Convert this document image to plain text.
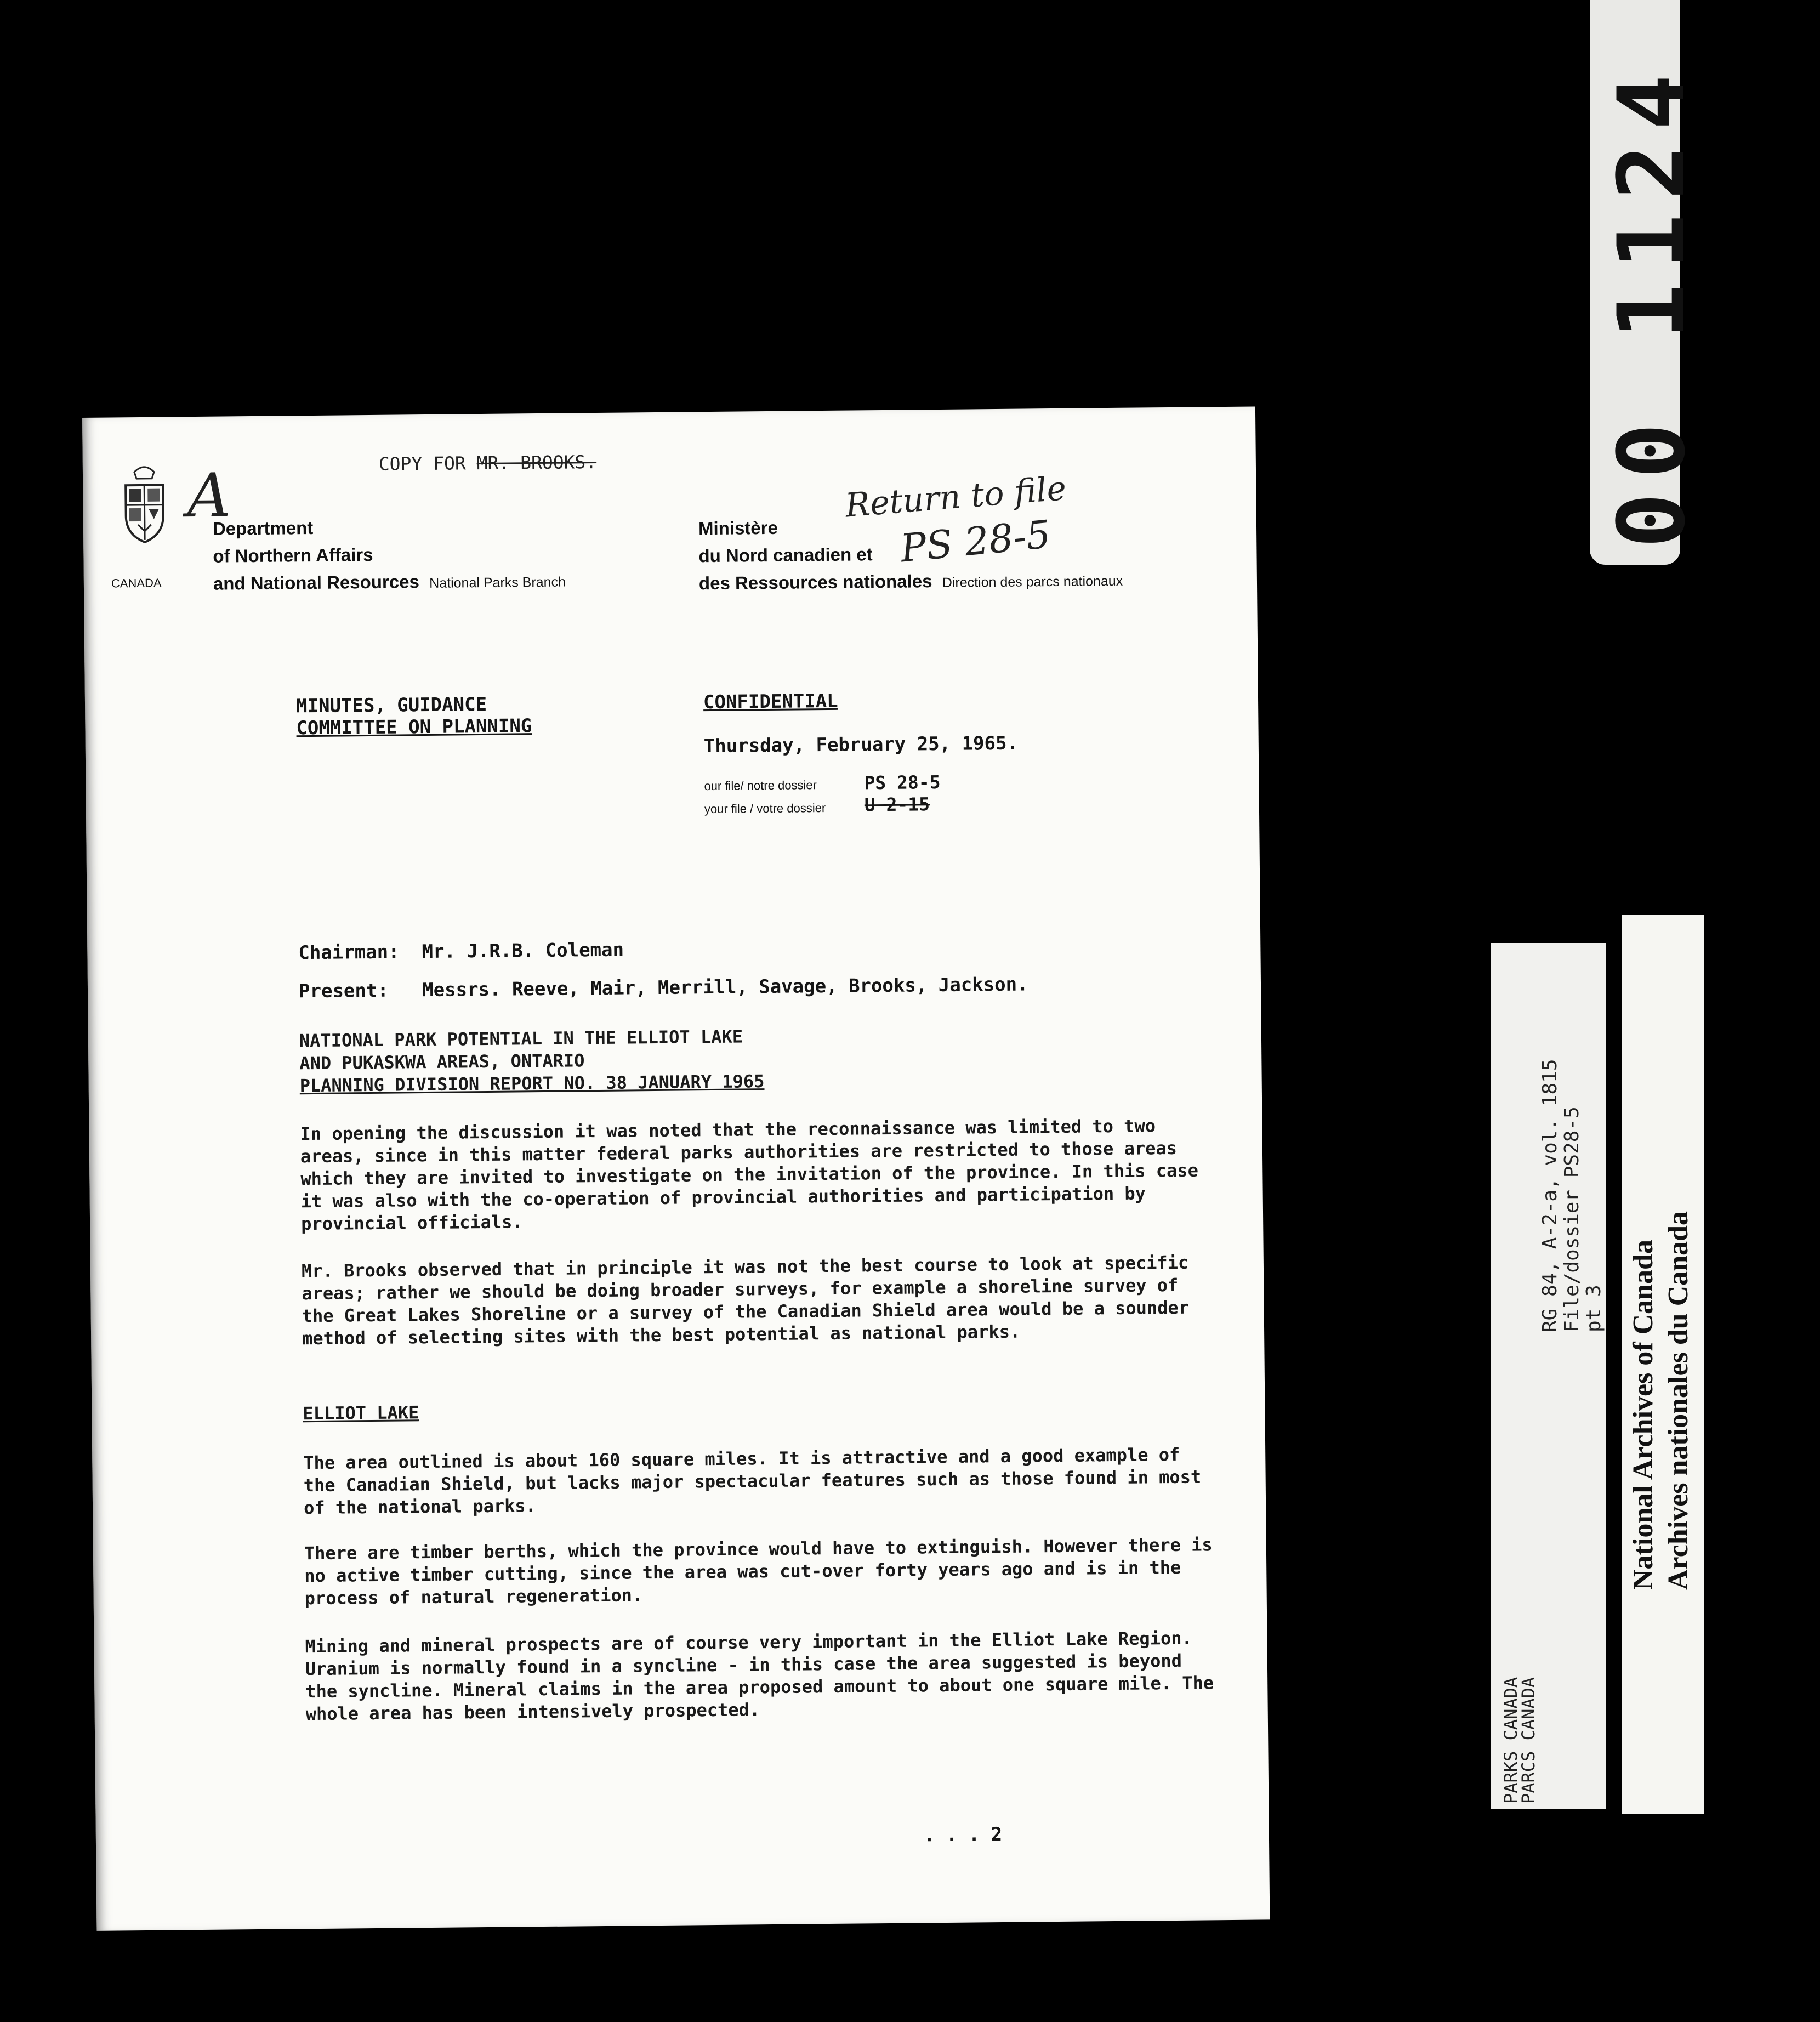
CANADA
A	COPY FOR MR. BROOKS.
Department
of Northern Affairs
and National Resources National Parks Branch
Ministère
du Nord canadien et
des Ressources nationales Direction des parcs nationaux
Return to file
PS 28-5
MINUTES, GUIDANCE
COMMITTEE ON PLANNING
CONFIDENTIAL
Thursday, February 25, 1965.
our file/ notre dossier
your file / votre dossier
PS 28-5
U 2-15
Chairman:  Mr. J.R.B. Coleman
Present:   Messrs. Reeve, Mair, Merrill, Savage, Brooks, Jackson.
NATIONAL PARK POTENTIAL IN THE ELLIOT LAKE
AND PUKASKWA AREAS, ONTARIO
PLANNING DIVISION REPORT NO. 38 JANUARY 1965
In opening the discussion it was noted that the reconnaissance was limited to two areas, since in this matter federal parks authorities are restricted to those areas which they are invited to investigate on the invitation of the province. In this case it was also with the co-operation of provincial authorities and participation by provincial officials.
Mr. Brooks observed that in principle it was not the best course to look at specific areas; rather we should be doing broader surveys, for example a shoreline survey of the Great Lakes Shoreline or a survey of the Canadian Shield area would be a sounder method of selecting sites with the best potential as national parks.
ELLIOT LAKE
The area outlined is about 160 square miles. It is attractive and a good example of the Canadian Shield, but lacks major spectacular features such as those found in most of the national parks.
There are timber berths, which the province would have to extinguish. However there is no active timber cutting, since the area was cut-over forty years ago and is in the process of natural regeneration.
Mining and mineral prospects are of course very important in the Elliot Lake Region. Uranium is normally found in a syncline - in this case the area suggested is beyond the syncline. Mineral claims in the area proposed amount to about one square mile. The whole area has been intensively prospected.
. . . 2
00 1124
RG 84, A-2-a, vol. 1815
File/dossier PS28-5
pt 3
PARKS CANADA
PARCS CANADA
National Archives of Canada Archives nationales du Canada
